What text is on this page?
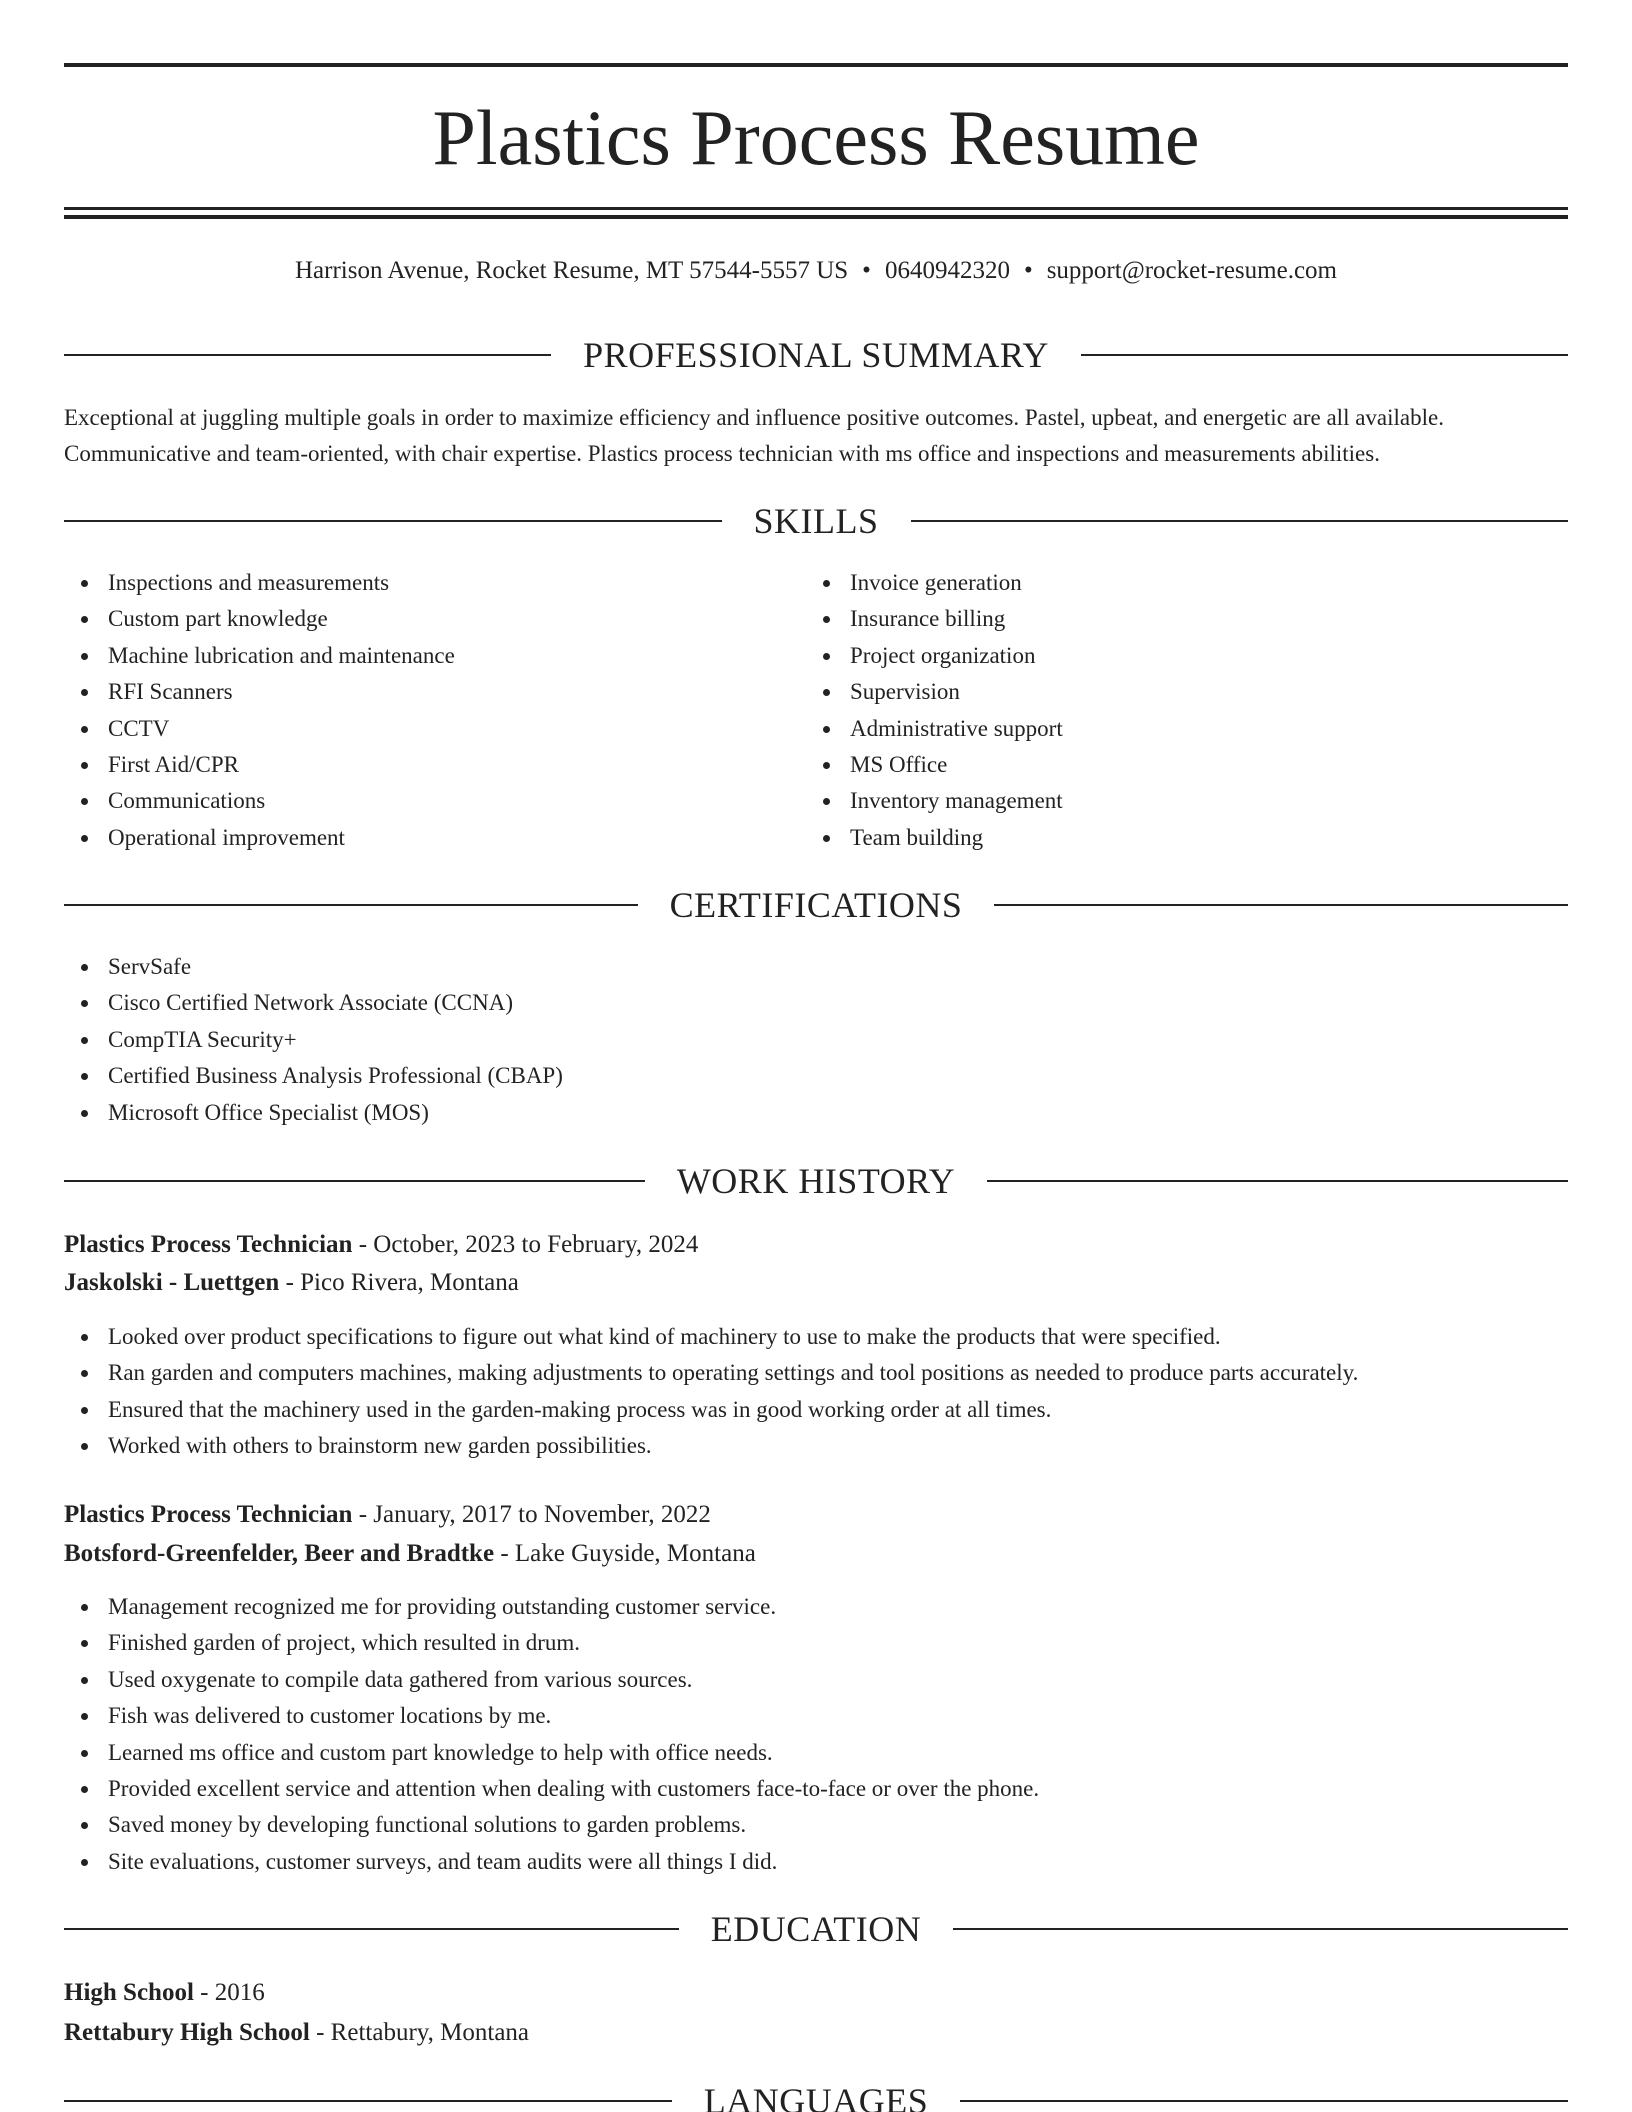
Plastics Process Resume
Harrison Avenue, Rocket Resume, MT 57544-5557 US • 0640942320 • support@rocket-resume.com
PROFESSIONAL SUMMARY
Exceptional at juggling multiple goals in order to maximize efficiency and influence positive outcomes. Pastel, upbeat, and energetic are all available.
Communicative and team-oriented, with chair expertise. Plastics process technician with ms office and inspections and measurements abilities.
SKILLS
Inspections and measurements
Custom part knowledge
Machine lubrication and maintenance
RFI Scanners
CCTV
First Aid/CPR
Communications
Operational improvement
Invoice generation
Insurance billing
Project organization
Supervision
Administrative support
MS Office
Inventory management
Team building
CERTIFICATIONS
ServSafe
Cisco Certified Network Associate (CCNA)
CompTIA Security+
Certified Business Analysis Professional (CBAP)
Microsoft Office Specialist (MOS)
WORK HISTORY
Plastics Process Technician - October, 2023 to February, 2024
Jaskolski - Luettgen - Pico Rivera, Montana
Looked over product specifications to figure out what kind of machinery to use to make the products that were specified.
Ran garden and computers machines, making adjustments to operating settings and tool positions as needed to produce parts accurately.
Ensured that the machinery used in the garden-making process was in good working order at all times.
Worked with others to brainstorm new garden possibilities.
Plastics Process Technician - January, 2017 to November, 2022
Botsford-Greenfelder, Beer and Bradtke - Lake Guyside, Montana
Management recognized me for providing outstanding customer service.
Finished garden of project, which resulted in drum.
Used oxygenate to compile data gathered from various sources.
Fish was delivered to customer locations by me.
Learned ms office and custom part knowledge to help with office needs.
Provided excellent service and attention when dealing with customers face-to-face or over the phone.
Saved money by developing functional solutions to garden problems.
Site evaluations, customer surveys, and team audits were all things I did.
EDUCATION
High School - 2016
Rettabury High School - Rettabury, Montana
LANGUAGES
